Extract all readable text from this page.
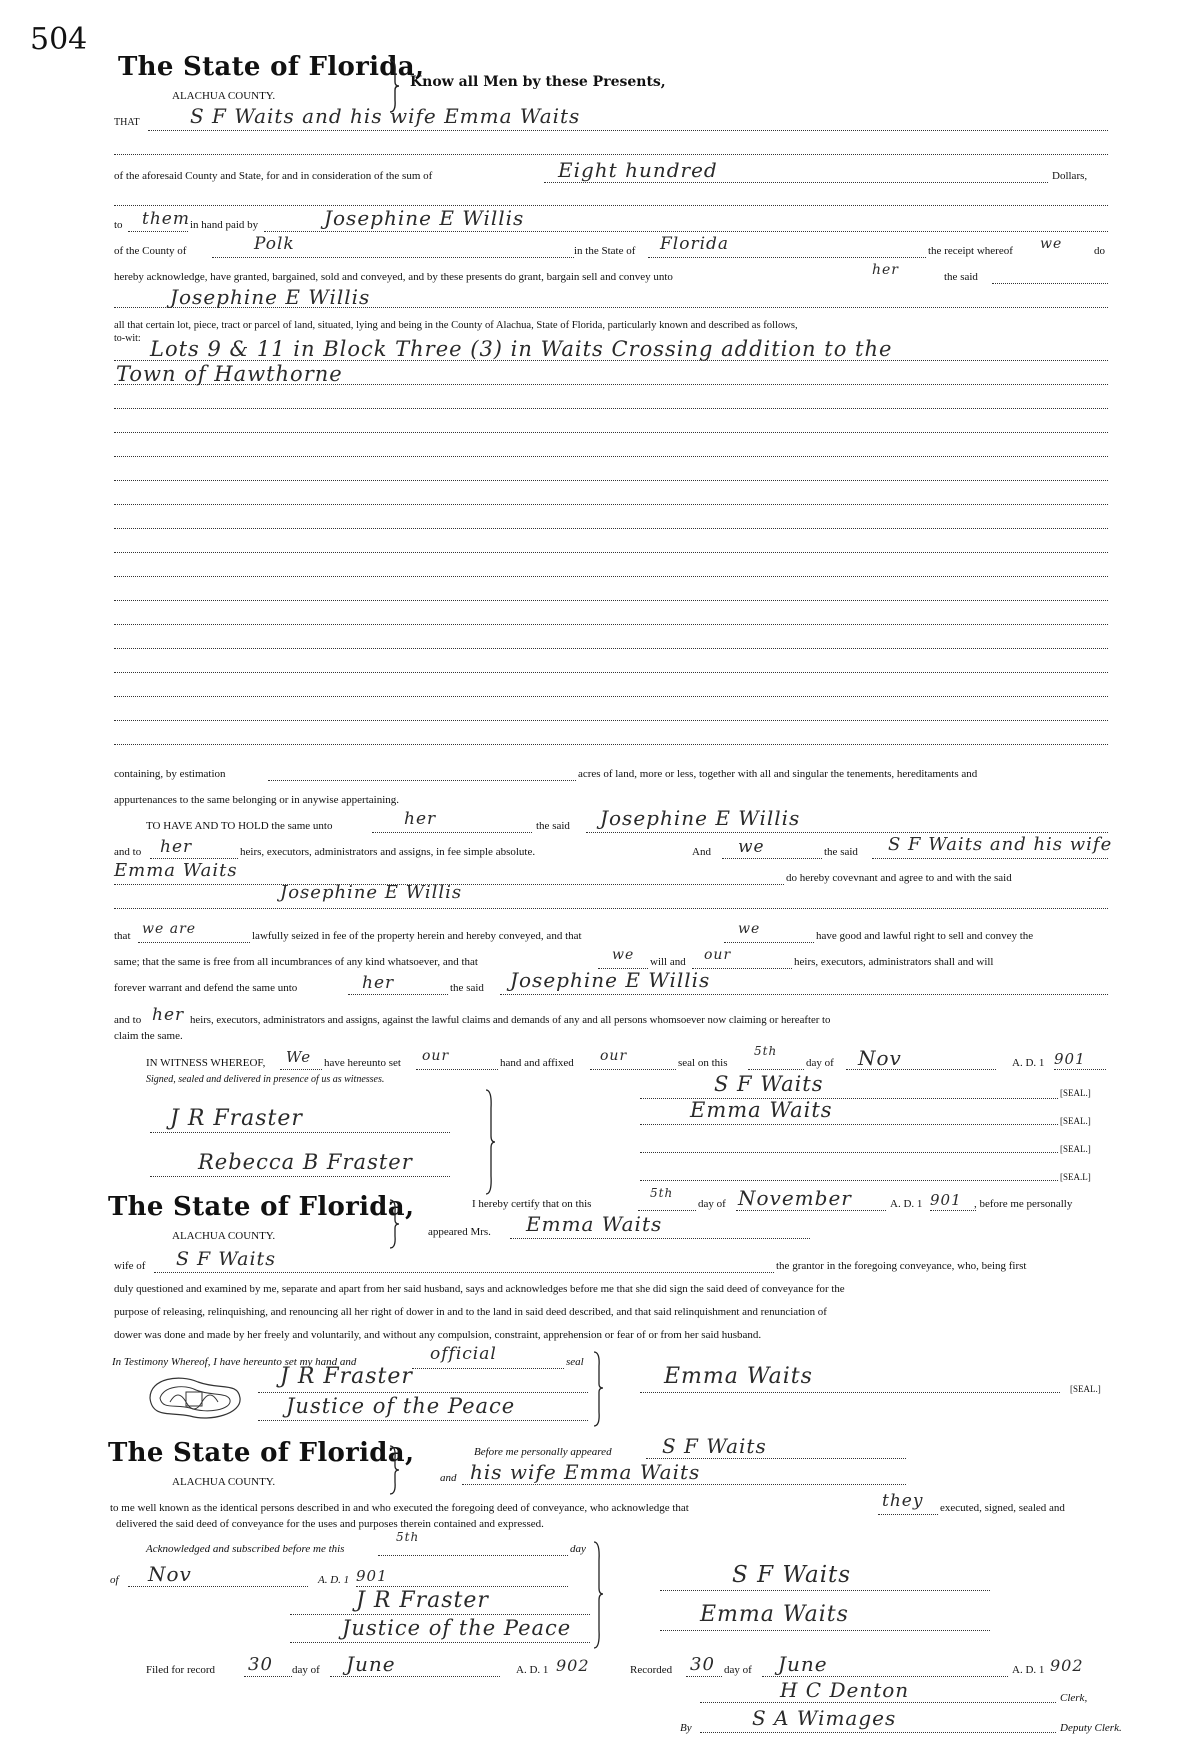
504
The State of Florida,
Know all Men by these Presents,
ALACHUA COUNTY.
THAT	S F Waits and his wife Emma Waits
of the aforesaid County and State, for and in consideration of the sum of	Eight hundred	Dollars,
to them in hand paid by	Josephine E Willis
of the County of	Polk	in the State of Florida	the receipt whereof we	do
hereby acknowledge, have granted, bargained, sold and conveyed, and by these presents do grant, bargain sell and convey unto	her	the said
Josephine E Willis
all that certain lot, piece, tract or parcel of land, situated, lying and being in the County of Alachua, State of Florida, particularly known and described as follows,
to-wit: Lots 9 & 11 in Block Three (3) in Waits Crossing addition to the
Town of Hawthorne
containing, by estimation	acres of land, more or less, together with all and singular the tenements, hereditaments and
appurtenances to the same belonging or in anywise appertaining.
TO HAVE AND TO HOLD the same unto	her	the said Josephine E Willis
and to her	heirs, executors, administrators and assigns, in fee simple absolute.	And we	the said S F Waits and his wife
Emma Waits	do hereby covevnant and agree to and with the said
Josephine E Willis
that we are	lawfully seized in fee of the property herein and hereby conveyed, and that	we	have good and lawful right to sell and convey the
same; that the same is free from all incumbrances of any kind whatsoever, and that	we will and our	heirs, executors, administrators shall and will
forever warrant and defend the same unto	her	the said Josephine E Willis
and to her heirs, executors, administrators and assigns, against the lawful claims and demands of any and all persons whomsoever now claiming or hereafter to
claim the same.
IN WITNESS WHEREOF, We have hereunto set our	hand and affixed our	seal on this
5th
day of Nov	A. D. 1 901
Signed, sealed and delivered in presence of us as witnesses.
J R Fraster
Rebecca B Fraster
S F Waits	[SEAL.]
Emma Waits	[SEAL.]
[SEAL.]
[SEA.L]
The State of Florida,
ALACHUA COUNTY.
I hereby certify that on this
5th
day of November	A. D. 1 901 , before me personally
appeared Mrs. Emma Waits
wife of S F Waits	the grantor in the foregoing conveyance, who, being first
duly questioned and examined by me, separate and apart from her said husband, says and acknowledges before me that she did sign the said deed of conveyance for the
purpose of releasing, relinquishing, and renouncing all her right of dower in and to the land in said deed described, and that said relinquishment and renunciation of
dower was done and made by her freely and voluntarily, and without any compulsion, constraint, apprehension or fear of or from her said husband.
In Testimony Whereof, I have hereunto set my hand and	official	seal
J R Fraster
Justice of the Peace
Emma Waits	[SEAL.]
The State of Florida,
ALACHUA COUNTY.
Before me personally appeared	S F Waits
and his wife Emma Waits
to me well known as the identical persons described in and who executed the foregoing deed of conveyance, who acknowledge that	they executed, signed, sealed and
delivered the said deed of conveyance for the uses and purposes therein contained and expressed.
Acknowledged and subscribed before me this
5th
day
of Nov	A. D. 1 901
J R Fraster
Justice of the Peace
S F Waits
Emma Waits
Filed for record 30 day of June	A. D. 1 902	Recorded 30 day of June	A. D. 1 902
H C Denton	Clerk,
By	S A Wimages	Deputy Clerk.
